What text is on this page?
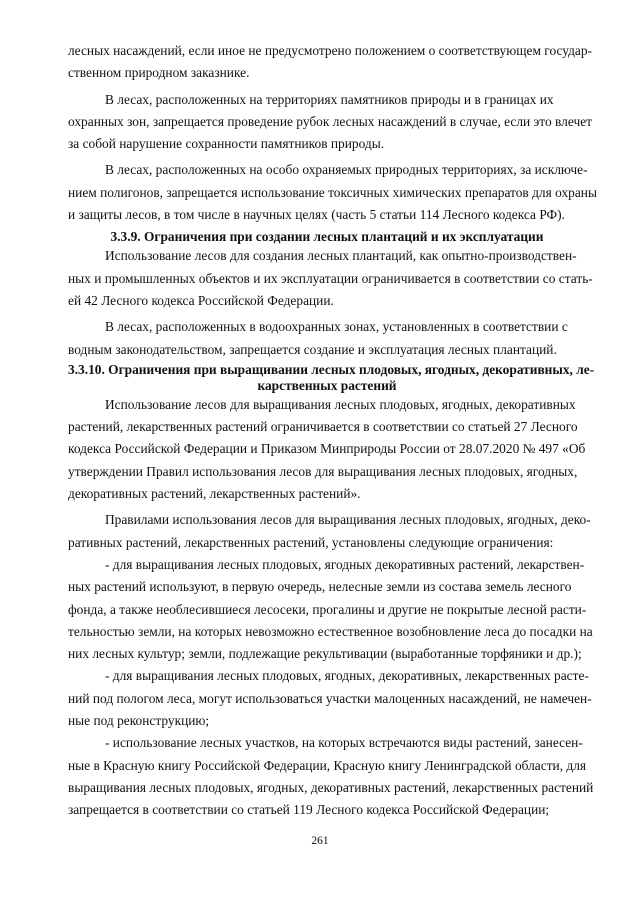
лесных насаждений, если иное не предусмотрено положением о соответствующем государ-
ственном природном заказнике.

В лесах, расположенных на территориях памятников природы и в границах их
охранных зон, запрещается проведение рубок лесных насаждений в случае, если это влечет
за собой нарушение сохранности памятников природы.

В лесах, расположенных на особо охраняемых природных территориях, за исключе-
нием полигонов, запрещается использование токсичных химических препаратов для охраны
и защиты лесов, в том числе в научных целях (часть 5 статьи 114 Лесного кодекса РФ).

3.3.9. Ограничения при создании лесных плантаций и их эксплуатации

Использование лесов для создания лесных плантаций, как опытно-производствен-
ных и промышленных объектов и их эксплуатации ограничивается в соответствии со стать-
ей 42 Лесного кодекса Российской Федерации.

В лесах, расположенных в водоохранных зонах, установленных в соответствии с
водным законодательством, запрещается создание и эксплуатация лесных плантаций.

3.3.10. Ограничения при выращивании лесных плодовых, ягодных, декоративных, ле-
карственных растений

Использование лесов для выращивания лесных плодовых, ягодных, декоративных
растений, лекарственных растений ограничивается в соответствии со статьей 27 Лесного
кодекса Российской Федерации и Приказом Минприроды России от 28.07.2020 № 497 «Об
утверждении Правил использования лесов для выращивания лесных плодовых, ягодных,
декоративных растений, лекарственных растений».

Правилами использования лесов для выращивания лесных плодовых, ягодных, деко-
ративных растений, лекарственных растений, установлены следующие ограничения:

- для выращивания лесных плодовых, ягодных декоративных растений, лекарствен-
ных растений используют, в первую очередь, нелесные земли из состава земель лесного
фонда, а также необлесившиеся лесосеки, прогалины и другие не покрытые лесной расти-
тельностью земли, на которых невозможно естественное возобновление леса до посадки на
них лесных культур; земли, подлежащие рекультивации (выработанные торфяники и др.);

- для выращивания лесных плодовых, ягодных, декоративных, лекарственных расте-
ний под пологом леса, могут использоваться участки малоценных насаждений, не намечен-
ные под реконструкцию;

- использование лесных участков, на которых встречаются виды растений, занесен-
ные в Красную книгу Российской Федерации, Красную книгу Ленинградской области, для
выращивания лесных плодовых, ягодных, декоративных растений, лекарственных растений
запрещается в соответствии со статьей 119 Лесного кодекса Российской Федерации;

261
